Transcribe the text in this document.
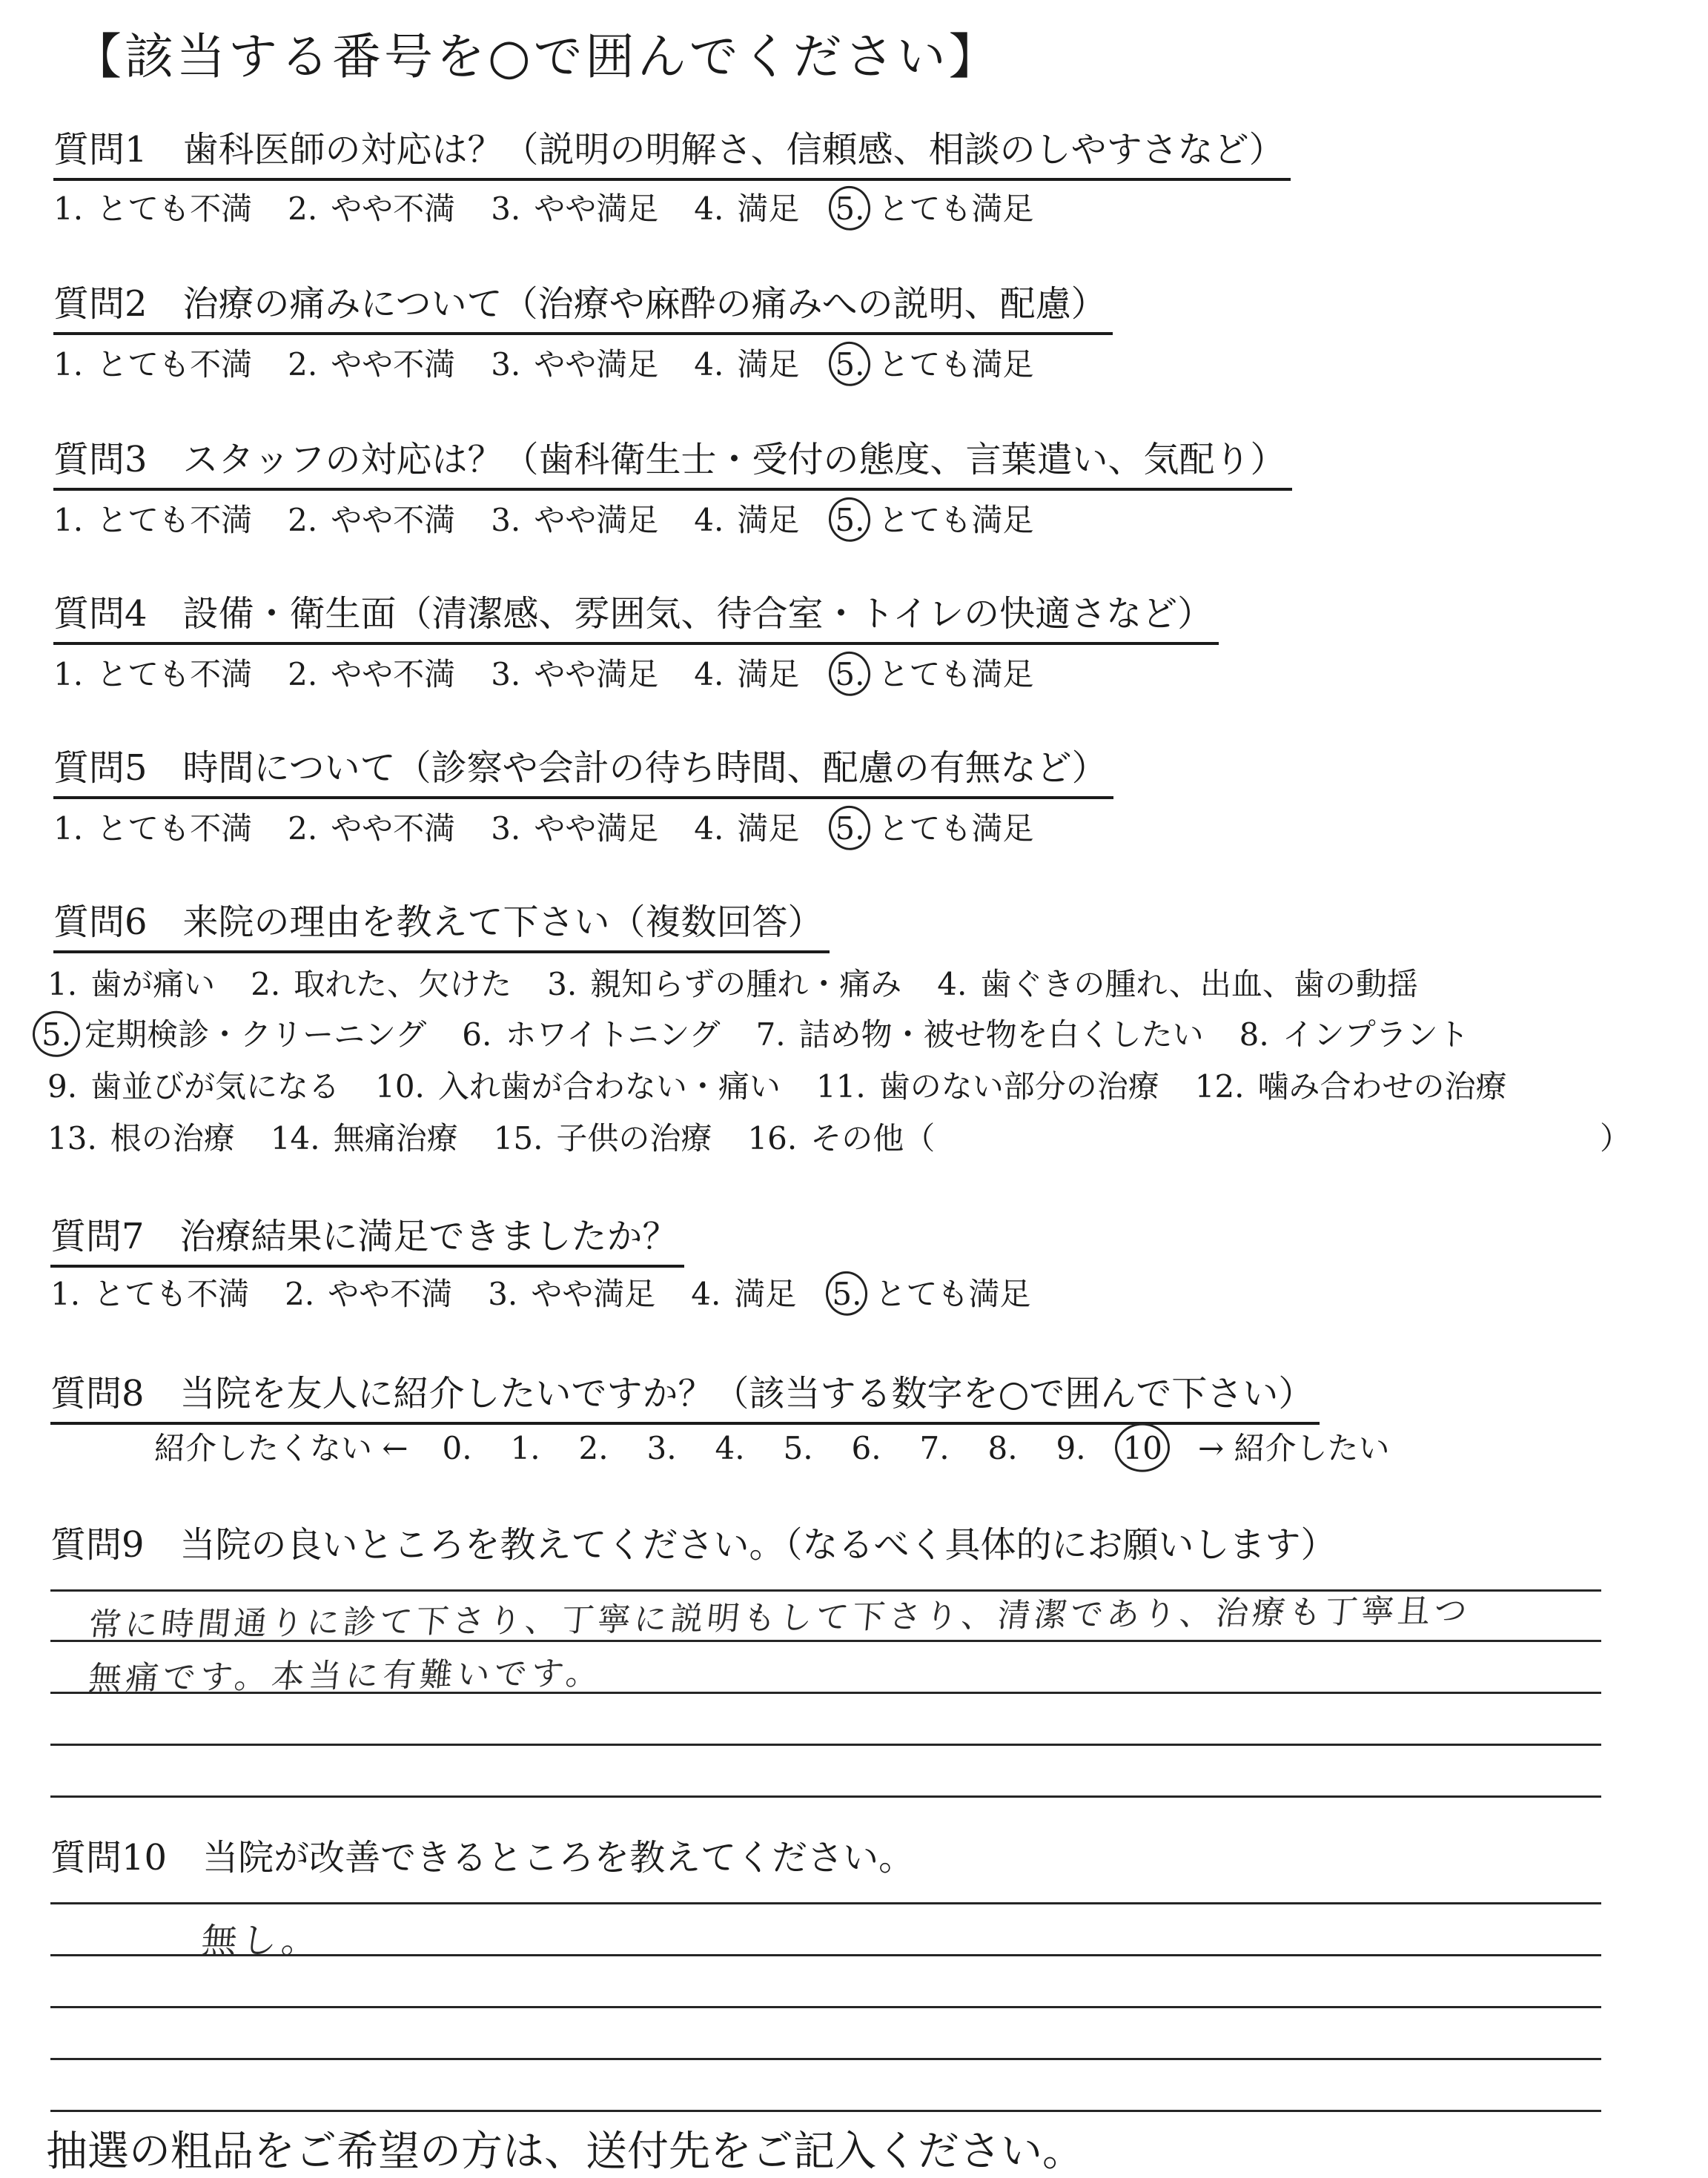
【該当する番号を○で囲んでください】
質問1　歯科医師の対応は？（説明の明解さ、信頼感、相談のしやすさなど）
1. とても不満 2. やや不満 3. やや満足 4. 満足 5. とても満足
質問2　治療の痛みについて（治療や麻酔の痛みへの説明、配慮）
1. とても不満 2. やや不満 3. やや満足 4. 満足 5. とても満足
質問3　スタッフの対応は？（歯科衛生士・受付の態度、言葉遣い、気配り）
1. とても不満 2. やや不満 3. やや満足 4. 満足 5. とても満足
質問4　設備・衛生面（清潔感、雰囲気、待合室・トイレの快適さなど）
1. とても不満 2. やや不満 3. やや満足 4. 満足 5. とても満足
質問5　時間について（診察や会計の待ち時間、配慮の有無など）
1. とても不満 2. やや不満 3. やや満足 4. 満足 5. とても満足
質問6　来院の理由を教えて下さい（複数回答）
1. 歯が痛い 2. 取れた、欠けた 3. 親知らずの腫れ・痛み 4. 歯ぐきの腫れ、出血、歯の動揺
5. 定期検診・クリーニング 6. ホワイトニング 7. 詰め物・被せ物を白くしたい 8. インプラント
9. 歯並びが気になる 10. 入れ歯が合わない・痛い 11. 歯のない部分の治療 12. 噛み合わせの治療
13. 根の治療 14. 無痛治療 15. 子供の治療 16. その他（	）
質問7　治療結果に満足できましたか？
1. とても不満 2. やや不満 3. やや満足 4. 満足 5. とても満足
質問8　当院を友人に紹介したいですか？（該当する数字を○で囲んで下さい）
紹介したくない ← 0. 1. 2. 3. 4. 5. 6. 7. 8. 9. 10 → 紹介したい
質問9　当院の良いところを教えてください。（なるべく具体的にお願いします）
常に時間通りに診て下さり、丁寧に説明もして下さり、清潔であり、治療も丁寧且つ
無痛です。本当に有難いです。
質問10　当院が改善できるところを教えてください。
無し。
抽選の粗品をご希望の方は、送付先をご記入ください。
